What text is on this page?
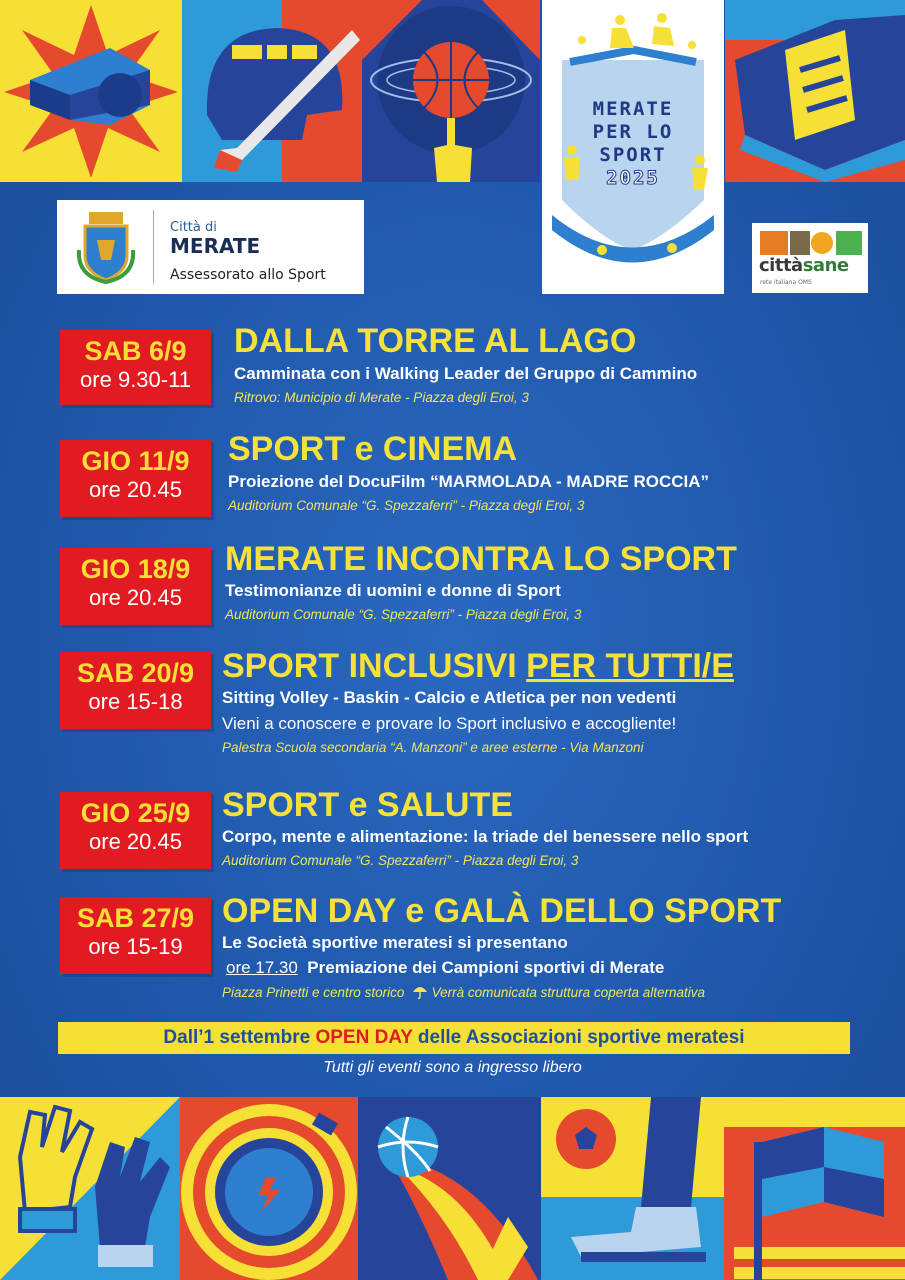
MERATE
PER LO
SPORT
2025
Città di
MERATE
Assessorato allo Sport	cittàsane
rete italiana OMS
SAB 6/9
ore 9.30-11
DALLA TORRE AL LAGO
Camminata con i Walking Leader del Gruppo di Cammino
Ritrovo: Municipio di Merate - Piazza degli Eroi, 3
GIO 11/9
ore 20.45
SPORT e CINEMA
Proiezione del DocuFilm “MARMOLADA - MADRE ROCCIA”
Auditorium Comunale “G. Spezzaferri” - Piazza degli Eroi, 3
GIO 18/9
ore 20.45
MERATE INCONTRA LO SPORT
Testimonianze di uomini e donne di Sport
Auditorium Comunale “G. Spezzaferri” - Piazza degli Eroi, 3
SAB 20/9
ore 15-18
SPORT INCLUSIVI PER TUTTI/E
Sitting Volley - Baskin - Calcio e Atletica per non vedenti
Vieni a conoscere e provare lo Sport inclusivo e accogliente!
Palestra Scuola secondaria “A. Manzoni” e aree esterne - Via Manzoni
GIO 25/9
ore 20.45
SPORT e SALUTE
Corpo, mente e alimentazione: la triade del benessere nello sport
Auditorium Comunale “G. Spezzaferri” - Piazza degli Eroi, 3
SAB 27/9
ore 15-19
OPEN DAY e GALÀ DELLO SPORT
Le Società sportive meratesi si presentano
ore 17.30 Premiazione dei Campioni sportivi di Merate
Piazza Prinetti e centro storico Verrà comunicata struttura coperta alternativa
Dall’1 settembre OPEN DAY delle Associazioni sportive meratesi
Tutti gli eventi sono a ingresso libero
